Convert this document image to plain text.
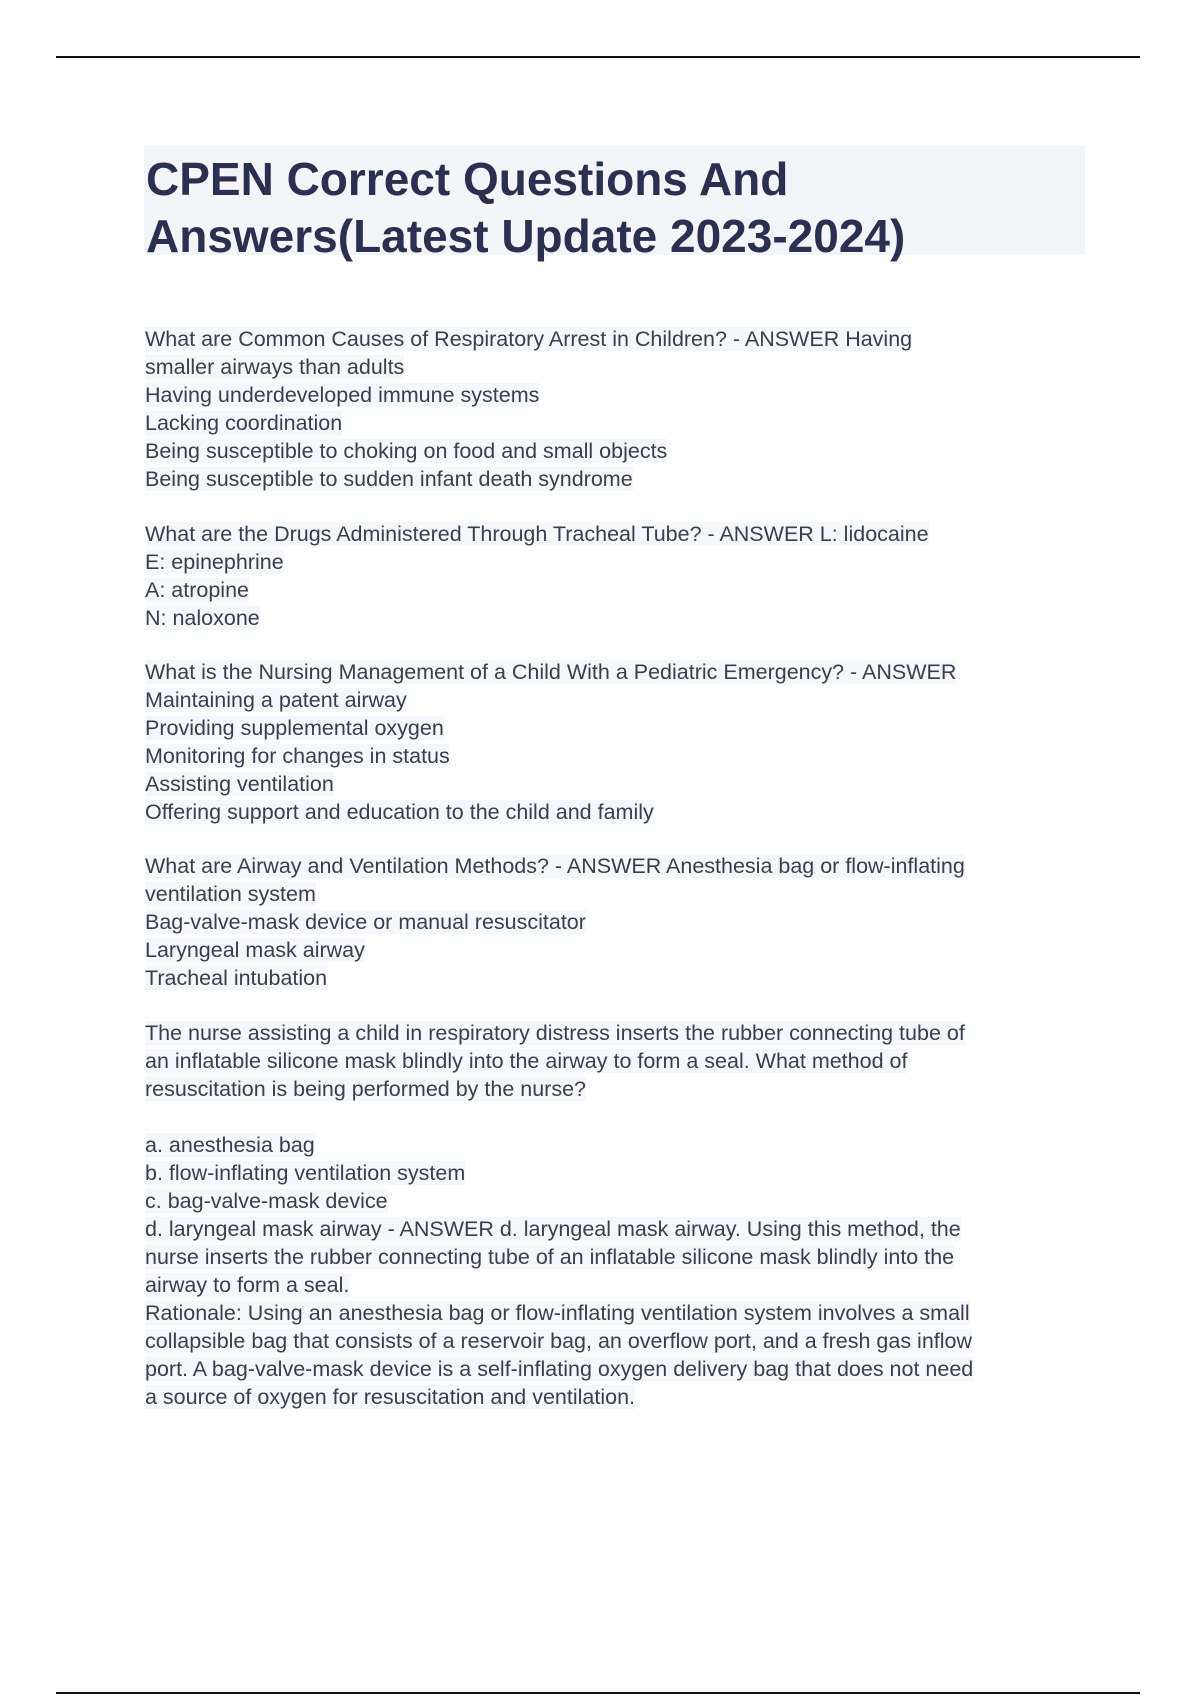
CPEN Correct Questions And
Answers(Latest Update 2023-2024)
What are Common Causes of Respiratory Arrest in Children? - ANSWER Having
smaller airways than adults
Having underdeveloped immune systems
Lacking coordination
Being susceptible to choking on food and small objects
Being susceptible to sudden infant death syndrome
What are the Drugs Administered Through Tracheal Tube? - ANSWER L: lidocaine
E: epinephrine
A: atropine
N: naloxone
What is the Nursing Management of a Child With a Pediatric Emergency? - ANSWER
Maintaining a patent airway
Providing supplemental oxygen
Monitoring for changes in status
Assisting ventilation
Offering support and education to the child and family
What are Airway and Ventilation Methods? - ANSWER Anesthesia bag or flow-inflating
ventilation system
Bag-valve-mask device or manual resuscitator
Laryngeal mask airway
Tracheal intubation
The nurse assisting a child in respiratory distress inserts the rubber connecting tube of
an inflatable silicone mask blindly into the airway to form a seal. What method of
resuscitation is being performed by the nurse?
a. anesthesia bag
b. flow-inflating ventilation system
c. bag-valve-mask device
d. laryngeal mask airway - ANSWER d. laryngeal mask airway. Using this method, the
nurse inserts the rubber connecting tube of an inflatable silicone mask blindly into the
airway to form a seal.
Rationale: Using an anesthesia bag or flow-inflating ventilation system involves a small
collapsible bag that consists of a reservoir bag, an overflow port, and a fresh gas inflow
port. A bag-valve-mask device is a self-inflating oxygen delivery bag that does not need
a source of oxygen for resuscitation and ventilation.
